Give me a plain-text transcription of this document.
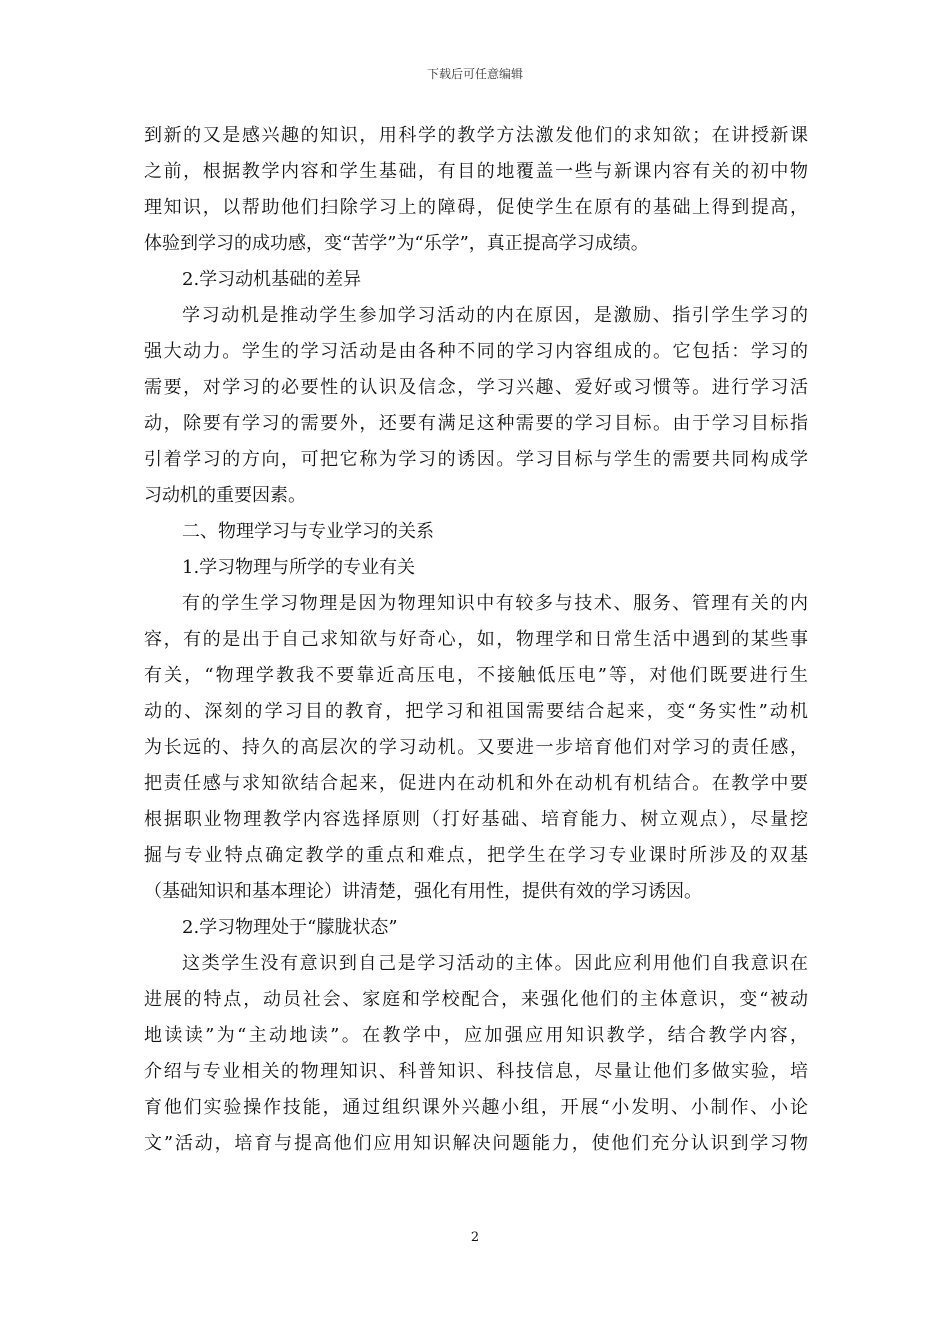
下载后可任意编辑
到新的又是感兴趣的知识，用科学的教学方法激发他们的求知欲；在讲授新课
之前，根据教学内容和学生基础，有目的地覆盖一些与新课内容有关的初中物
理知识，以帮助他们扫除学习上的障碍，促使学生在原有的基础上得到提高，
体验到学习的成功感，变“苦学”为“乐学”，真正提高学习成绩。
2.学习动机基础的差异
学习动机是推动学生参加学习活动的内在原因，是激励、指引学生学习的
强大动力。学生的学习活动是由各种不同的学习内容组成的。它包括：学习的
需要，对学习的必要性的认识及信念，学习兴趣、爱好或习惯等。进行学习活
动，除要有学习的需要外，还要有满足这种需要的学习目标。由于学习目标指
引着学习的方向，可把它称为学习的诱因。学习目标与学生的需要共同构成学
习动机的重要因素。
二、物理学习与专业学习的关系
1.学习物理与所学的专业有关
有的学生学习物理是因为物理知识中有较多与技术、服务、管理有关的内
容，有的是出于自己求知欲与好奇心，如，物理学和日常生活中遇到的某些事
有关，“物理学教我不要靠近高压电，不接触低压电”等，对他们既要进行生
动的、深刻的学习目的教育，把学习和祖国需要结合起来，变“务实性”动机
为长远的、持久的高层次的学习动机。又要进一步培育他们对学习的责任感，
把责任感与求知欲结合起来，促进内在动机和外在动机有机结合。在教学中要
根据职业物理教学内容选择原则（打好基础、培育能力、树立观点），尽量挖
掘与专业特点确定教学的重点和难点，把学生在学习专业课时所涉及的双基
（基础知识和基本理论）讲清楚，强化有用性，提供有效的学习诱因。
2.学习物理处于“朦胧状态”
这类学生没有意识到自己是学习活动的主体。因此应利用他们自我意识在
进展的特点，动员社会、家庭和学校配合，来强化他们的主体意识，变“被动
地读读”为“主动地读”。在教学中，应加强应用知识教学，结合教学内容，
介绍与专业相关的物理知识、科普知识、科技信息，尽量让他们多做实验，培
育他们实验操作技能，通过组织课外兴趣小组，开展“小发明、小制作、小论
文”活动，培育与提高他们应用知识解决问题能力，使他们充分认识到学习物
2
